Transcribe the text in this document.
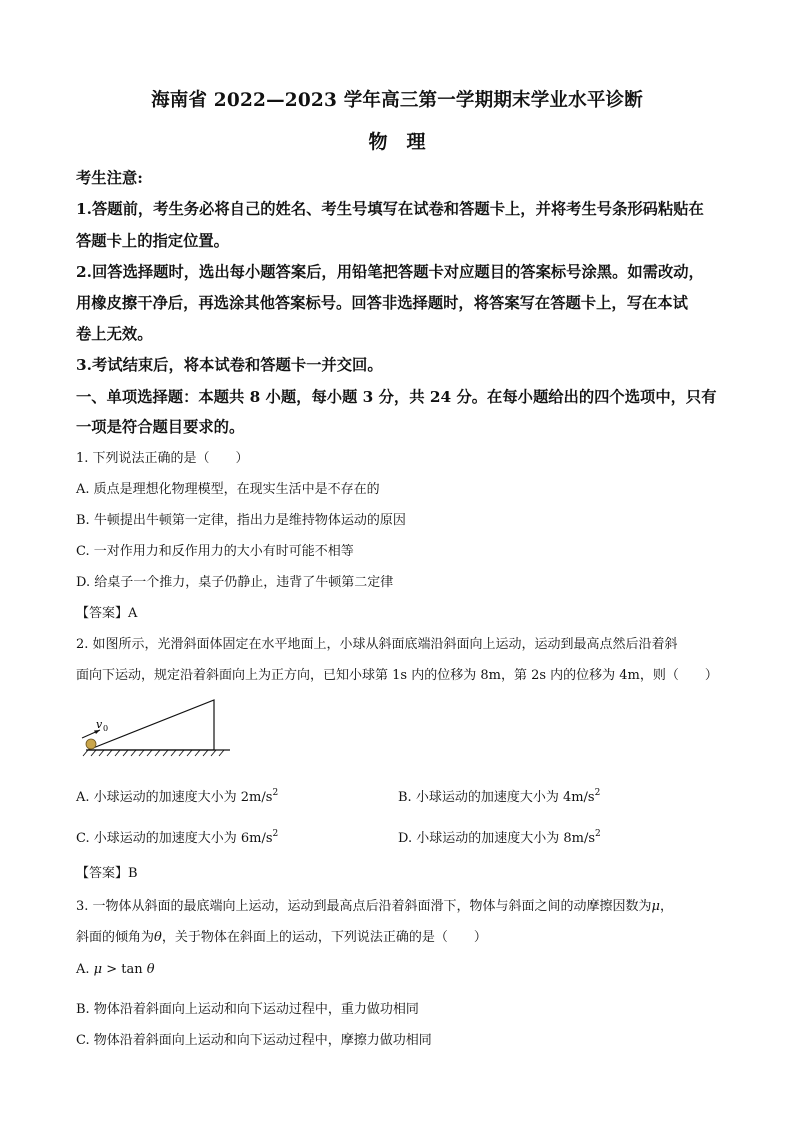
海南省 2022—2023 学年高三第一学期期末学业水平诊断
物　理
考生注意:
1.答题前，考生务必将自己的姓名、考生号填写在试卷和答题卡上，并将考生号条形码粘贴在
答题卡上的指定位置。
2.回答选择题时，选出每小题答案后，用铅笔把答题卡对应题目的答案标号涂黑。如需改动，
用橡皮擦干净后，再选涂其他答案标号。回答非选择题时，将答案写在答题卡上，写在本试
卷上无效。
3.考试结束后，将本试卷和答题卡一并交回。
一、单项选择题：本题共 8 小题，每小题 3 分，共 24 分。在每小题给出的四个选项中，只有
一项是符合题目要求的。
1. 下列说法正确的是（　　）
A. 质点是理想化物理模型，在现实生活中是不存在的
B. 牛顿提出牛顿第一定律，指出力是维持物体运动的原因
C. 一对作用力和反作用力的大小有时可能不相等
D. 给桌子一个推力，桌子仍静止，违背了牛顿第二定律
【答案】A
2. 如图所示，光滑斜面体固定在水平地面上，小球从斜面底端沿斜面向上运动，运动到最高点然后沿着斜
面向下运动，规定沿着斜面向上为正方向，已知小球第 1s 内的位移为 8m，第 2s 内的位移为 4m，则（　　）
v 0
A. 小球运动的加速度大小为 $2m/s^2$	B. 小球运动的加速度大小为 $4m/s^2$
C. 小球运动的加速度大小为 $6m/s^2$	D. 小球运动的加速度大小为 $8m/s^2$
【答案】B
3. 一物体从斜面的最底端向上运动，运动到最高点后沿着斜面滑下，物体与斜面之间的动摩擦因数为μ，
斜面的倾角为θ，关于物体在斜面上的运动，下列说法正确的是（　　）
A. μ > tan θ
B. 物体沿着斜面向上运动和向下运动过程中，重力做功相同
C. 物体沿着斜面向上运动和向下运动过程中，摩擦力做功相同
